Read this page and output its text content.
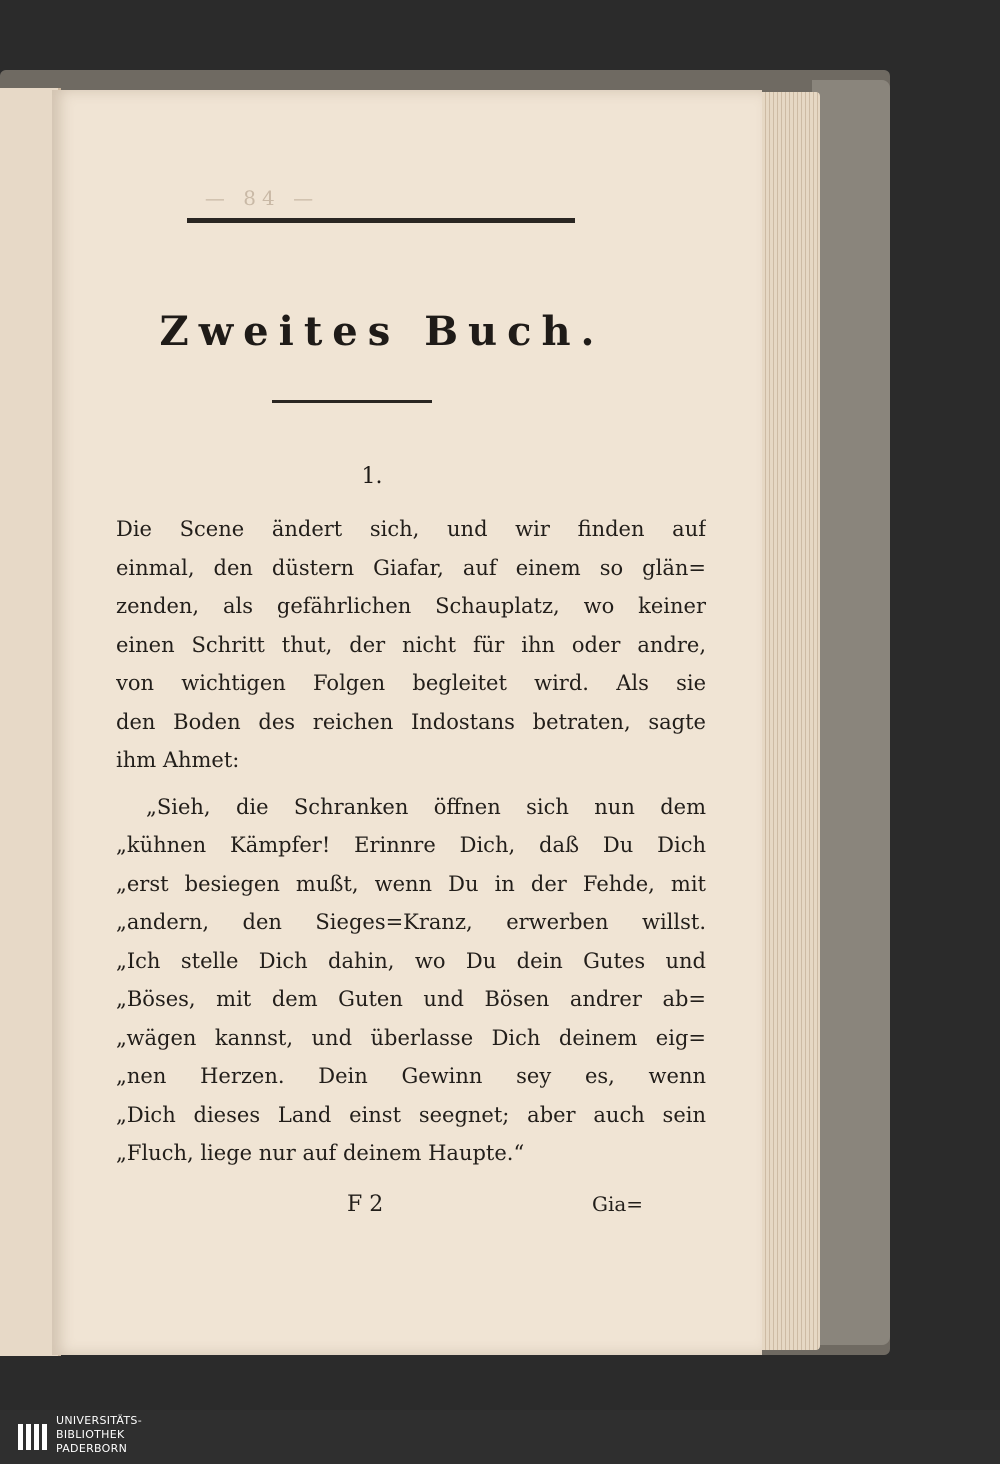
— 84 —
Zweites Buch.
1.
Die Scene ändert sich, und wir finden auf
einmal, den düstern Giafar, auf einem so glän=
zenden, als gefährlichen Schauplatz, wo keiner
einen Schritt thut, der nicht für ihn oder andre,
von wichtigen Folgen begleitet wird. Als sie
den Boden des reichen Indostans betraten, sagte
ihm Ahmet:
„Sieh, die Schranken öffnen sich nun dem
„kühnen Kämpfer! Erinnre Dich, daß Du Dich
„erst besiegen mußt, wenn Du in der Fehde, mit
„andern, den Sieges=Kranz, erwerben willst.
„Ich stelle Dich dahin, wo Du dein Gutes und
„Böses, mit dem Guten und Bösen andrer ab=
„wägen kannst, und überlasse Dich deinem eig=
„nen Herzen. Dein Gewinn sey es, wenn
„Dich dieses Land einst seegnet; aber auch sein
„Fluch, liege nur auf deinem Haupte.“
F 2	Gia=
UNIVERSITÄTS-
BIBLIOTHEK
PADERBORN
